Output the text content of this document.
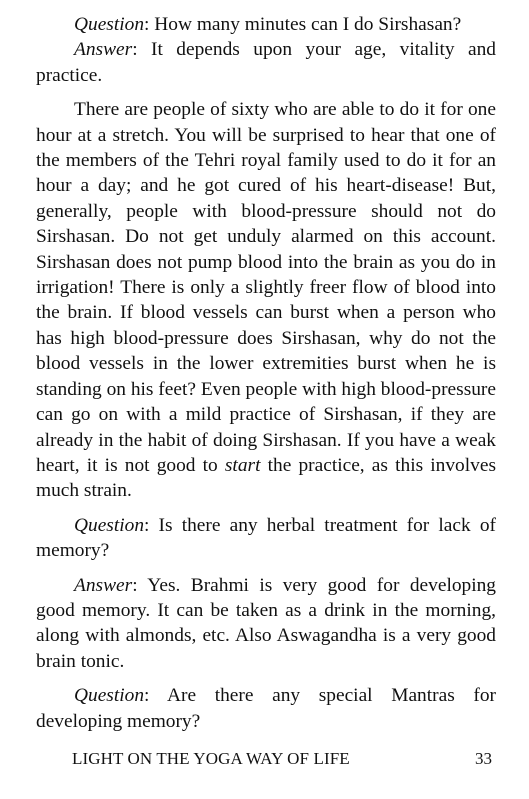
Question: How many minutes can I do Sirshasan?

Answer: It depends upon your age, vitality and practice.

There are people of sixty who are able to do it for one hour at a stretch. You will be surprised to hear that one of the members of the Tehri royal family used to do it for an hour a day; and he got cured of his heart-disease! But, generally, people with blood-pressure should not do Sirshasan. Do not get unduly alarmed on this account. Sirshasan does not pump blood into the brain as you do in irrigation! There is only a slightly freer flow of blood into the brain. If blood vessels can burst when a person who has high blood-pressure does Sirshasan, why do not the blood vessels in the lower extremities burst when he is standing on his feet? Even people with high blood-pressure can go on with a mild practice of Sirshasan, if they are already in the habit of doing Sirshasan. If you have a weak heart, it is not good to start the practice, as this involves much strain.

Question: Is there any herbal treatment for lack of memory?

Answer: Yes. Brahmi is very good for developing good memory. It can be taken as a drink in the morning, along with almonds, etc. Also Aswagandha is a very good brain tonic.

Question: Are there any special Mantras for developing memory?

LIGHT ON THE YOGA WAY OF LIFE	33
